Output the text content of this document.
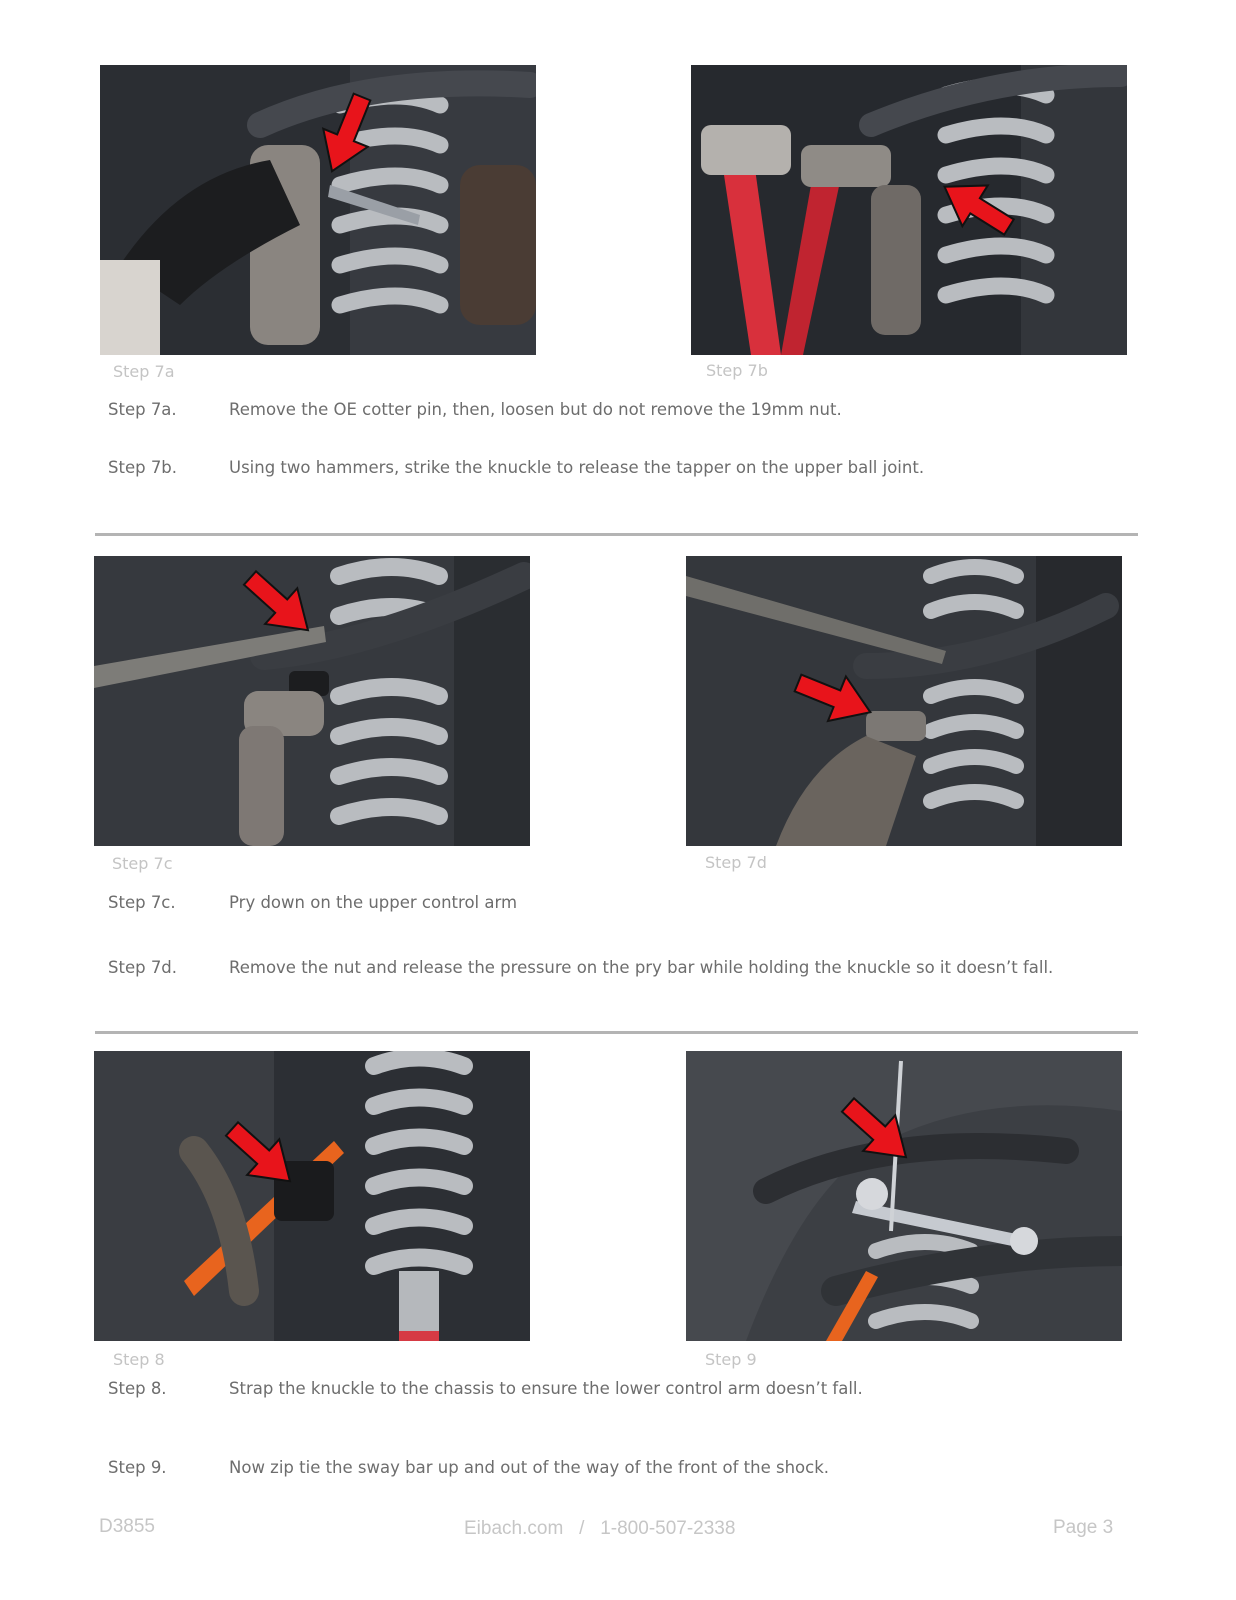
Step 7a	Step 7b
Step 7a.	Remove the OE cotter pin, then, loosen but do not remove the 19mm nut.
Step 7b.	Using two hammers, strike the knuckle to release the tapper on the upper ball joint.
Step 7c	Step 7d
Step 7c.	Pry down on the upper control arm
Step 7d.	Remove the nut and release the pressure on the pry bar while holding the knuckle so it doesn’t fall.
Step 8	Step 9
Step 8.	Strap the knuckle to the chassis to ensure the lower control arm doesn’t fall.
Step 9.	Now zip tie the sway bar up and out of the way of the front of the shock.
D3855	Eibach.com   /   1-800-507-2338	Page 3
